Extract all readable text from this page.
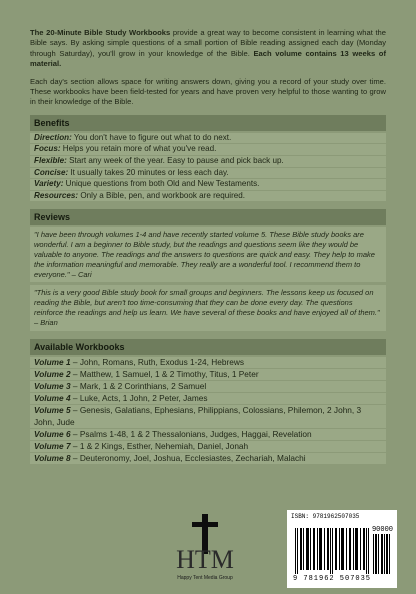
The 20-Minute Bible Study Workbooks provide a great way to become consistent in learning what the Bible says. By asking simple questions of a small portion of Bible reading assigned each day (Monday through Saturday), you'll grow in your knowledge of the Bible. Each volume contains 13 weeks of material.

Each day's section allows space for writing answers down, giving you a record of your study over time. These workbooks have been field-tested for years and have proven very helpful to those wanting to grow in their knowledge of the Bible.

Benefits
Direction: You don't have to figure out what to do next.
Focus: Helps you retain more of what you've read.
Flexible: Start any week of the year. Easy to pause and pick back up.
Concise: It usually takes 20 minutes or less each day.
Variety: Unique questions from both Old and New Testaments.
Resources: Only a Bible, pen, and workbook are required.
Reviews
"I have been through volumes 1-4 and have recently started volume 5. These Bible study books are wonderful. I am a beginner to Bible study, but the readings and questions seem like they would be valuable to anyone. The readings and the answers to questions are quick and easy. They help to make the information meaningful and memorable. They really are a wonderful tool. I recommend them to everyone." – Cari
"This is a very good Bible study book for small groups and beginners. The lessons keep us focused on reading the Bible, but aren't too time-consuming that they can be done every day. The questions reinforce the readings and help us learn. We have several of these books and have enjoyed all of them." – Brian
Available Workbooks
Volume 1 – John, Romans, Ruth, Exodus 1-24, Hebrews
Volume 2 – Matthew, 1 Samuel, 1 & 2 Timothy, Titus, 1 Peter
Volume 3 – Mark, 1 & 2 Corinthians, 2 Samuel
Volume 4 – Luke, Acts, 1 John, 2 Peter, James
Volume 5 – Genesis, Galatians, Ephesians, Philippians, Colossians, Philemon, 2 John, 3 John, Jude
Volume 6 – Psalms 1-48, 1 & 2 Thessalonians, Judges, Haggai, Revelation
Volume 7 – 1 & 2 Kings, Esther, Nehemiah, Daniel, Jonah
Volume 8 – Deuteronomy, Joel, Joshua, Ecclesiastes, Zechariah, Malachi
HTM
Happy Tent Media Group
ISBN: 9781962507035
90000
9 781962 507035
